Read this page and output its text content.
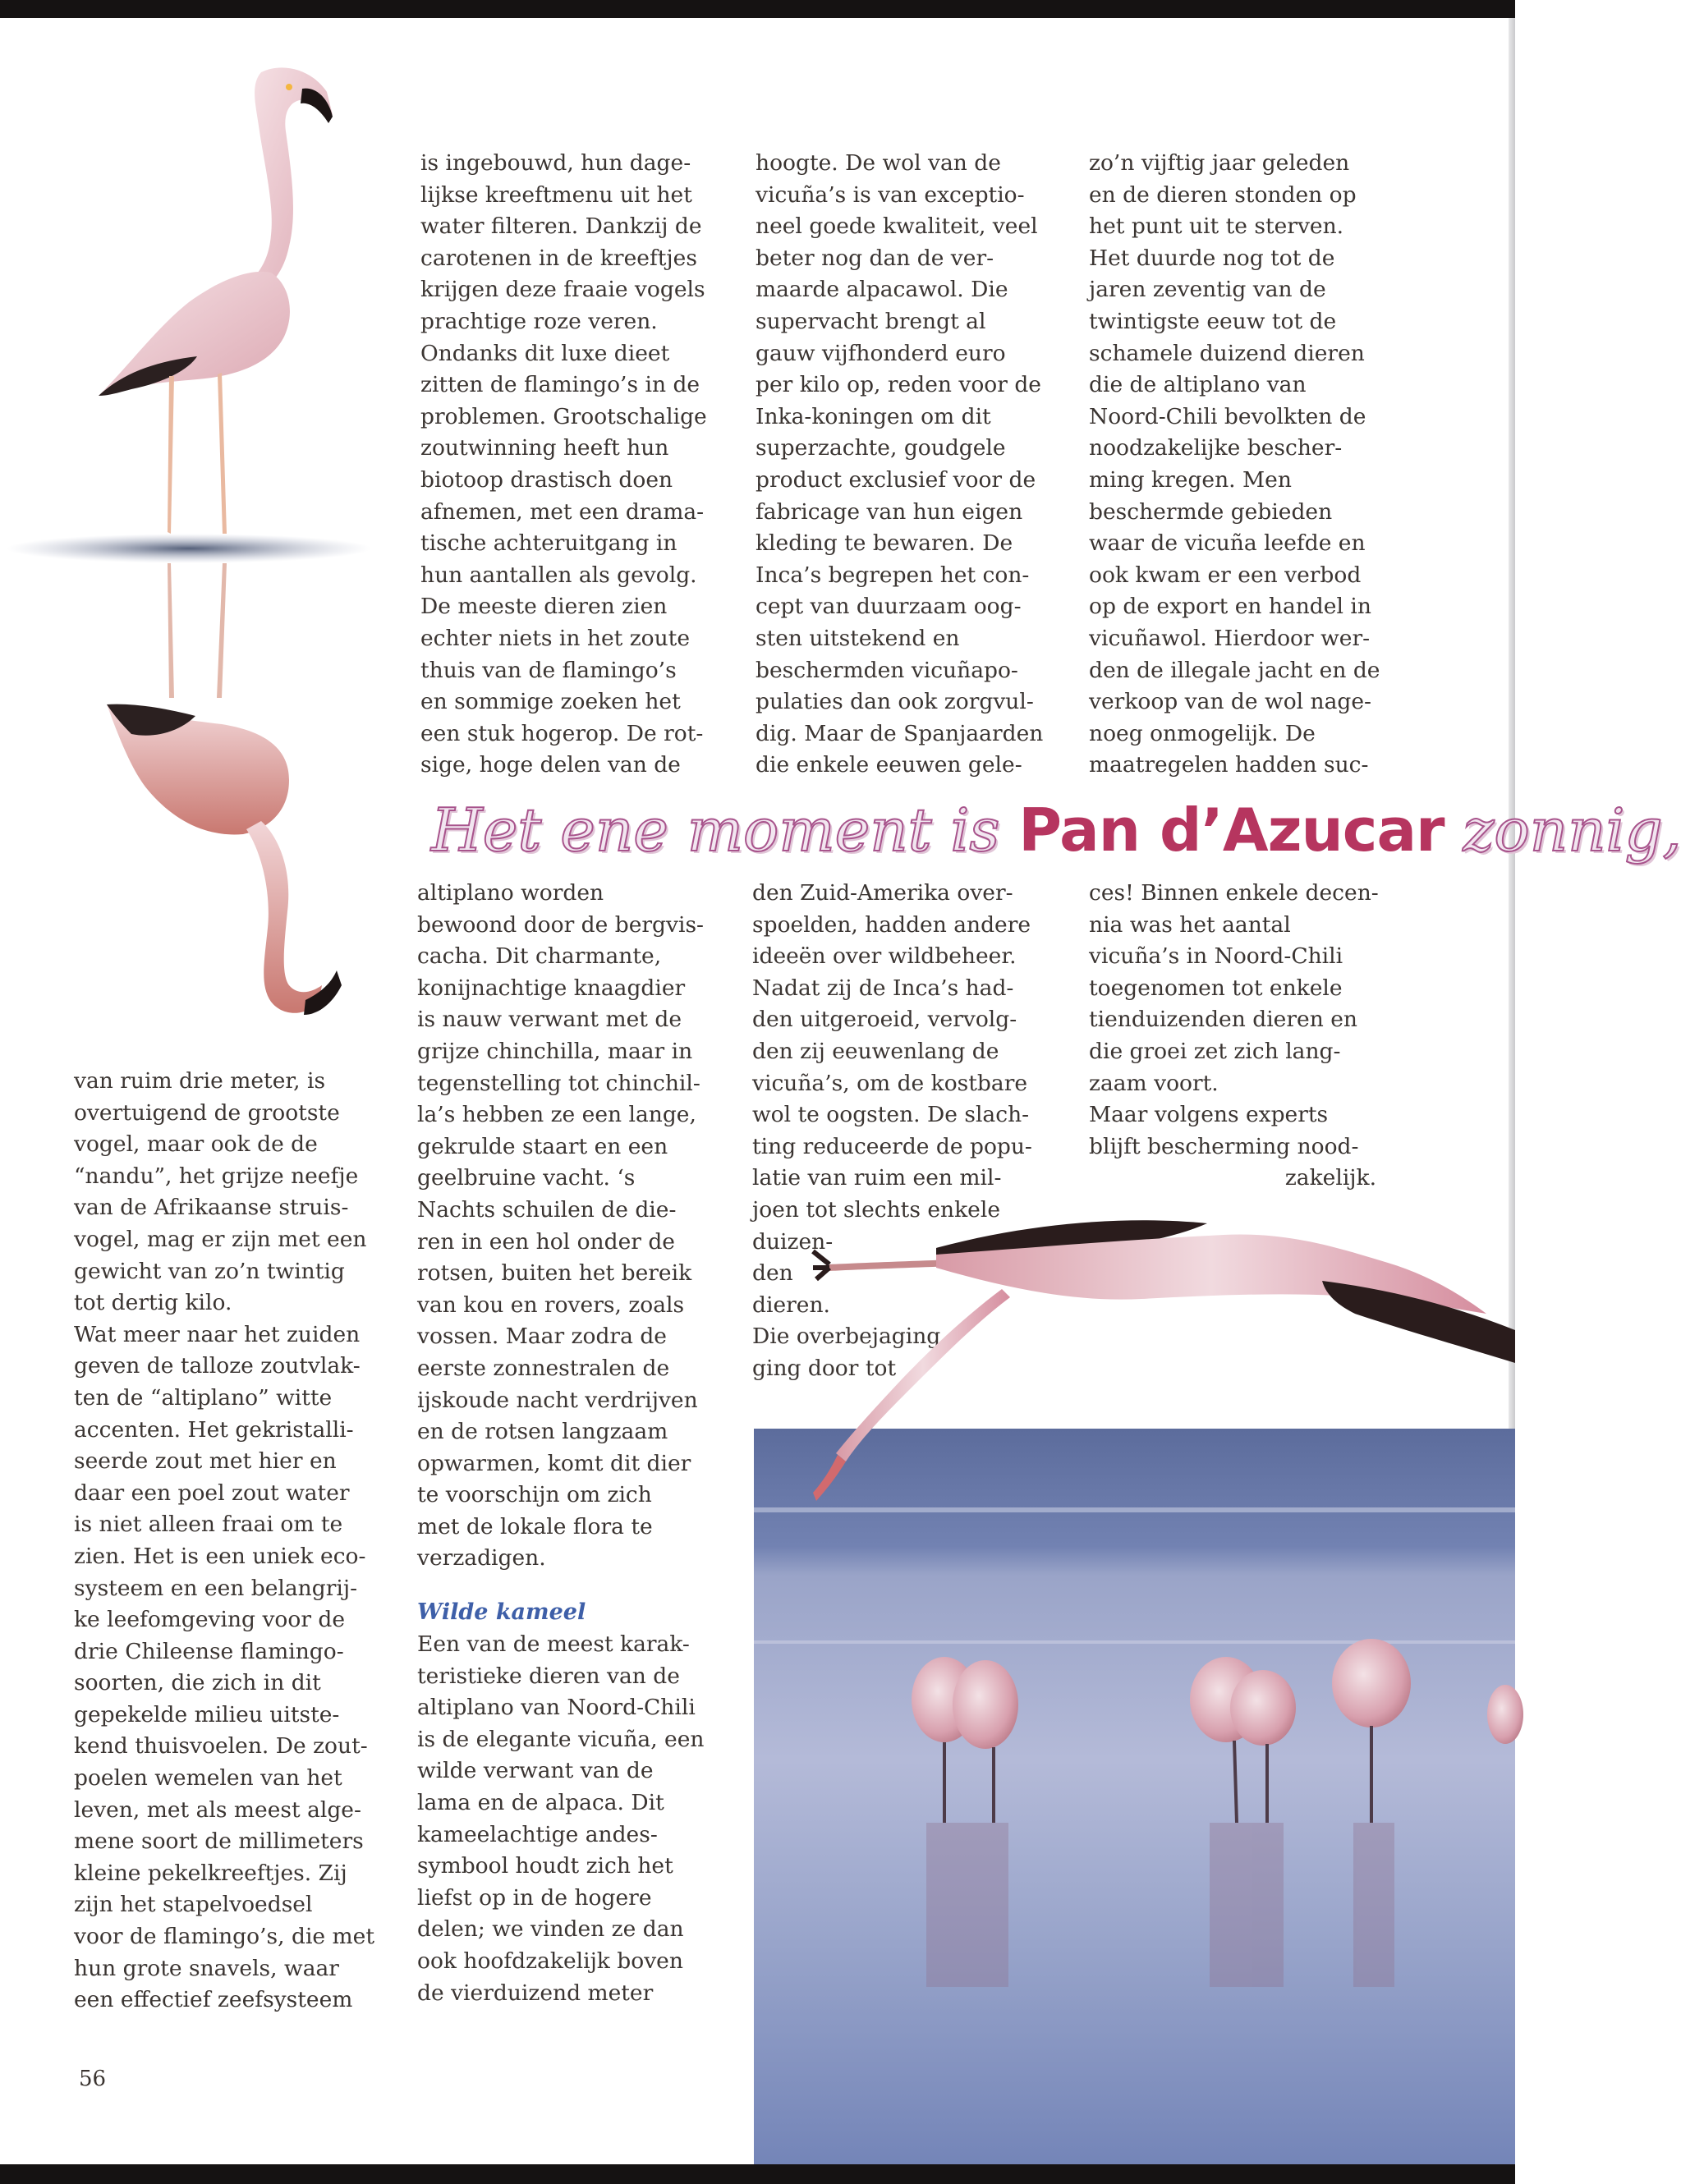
is ingebouwd, hun dage-
lijkse kreeftmenu uit het
water filteren. Dankzij de
carotenen in de kreeftjes
krijgen deze fraaie vogels
prachtige roze veren.
Ondanks dit luxe dieet
zitten de flamingo’s in de
problemen. Grootschalige
zoutwinning heeft hun
biotoop drastisch doen
afnemen, met een drama-
tische achteruitgang in
hun aantallen als gevolg.
De meeste dieren zien
echter niets in het zoute
thuis van de flamingo’s
en sommige zoeken het
een stuk hogerop. De rot-
sige, hoge delen van de

hoogte. De wol van de
vicuña’s is van exceptio-
neel goede kwaliteit, veel
beter nog dan de ver-
maarde alpacawol. Die
supervacht brengt al
gauw vijfhonderd euro
per kilo op, reden voor de
Inka-koningen om dit
superzachte, goudgele
product exclusief voor de
fabricage van hun eigen
kleding te bewaren. De
Inca’s begrepen het con-
cept van duurzaam oog-
sten uitstekend en
beschermden vicuñapo-
pulaties dan ook zorgvul-
dig. Maar de Spanjaarden
die enkele eeuwen gele-

zo’n vijftig jaar geleden
en de dieren stonden op
het punt uit te sterven.
Het duurde nog tot de
jaren zeventig van de
twintigste eeuw tot de
schamele duizend dieren
die de altiplano van
Noord-Chili bevolkten de
noodzakelijke bescher-
ming kregen. Men
beschermde gebieden
waar de vicuña leefde en
ook kwam er een verbod
op de export en handel in
vicuñawol. Hierdoor wer-
den de illegale jacht en de
verkoop van de wol nage-
noeg onmogelijk. De
maatregelen hadden suc-

Het ene moment is Pan d’Azucar zonnig,

van ruim drie meter, is
overtuigend de grootste
vogel, maar ook de de
“nandu”, het grijze neefje
van de Afrikaanse struis-
vogel, mag er zijn met een
gewicht van zo’n twintig
tot dertig kilo.
Wat meer naar het zuiden
geven de talloze zoutvlak-
ten de “altiplano” witte
accenten. Het gekristalli-
seerde zout met hier en
daar een poel zout water
is niet alleen fraai om te
zien. Het is een uniek eco-
systeem en een belangrij-
ke leefomgeving voor de
drie Chileense flamingo-
soorten, die zich in dit
gepekelde milieu uitste-
kend thuisvoelen. De zout-
poelen wemelen van het
leven, met als meest alge-
mene soort de millimeters
kleine pekelkreeftjes. Zij
zijn het stapelvoedsel
voor de flamingo’s, die met
hun grote snavels, waar
een effectief zeefsysteem

altiplano worden
bewoond door de bergvis-
cacha. Dit charmante,
konijnachtige knaagdier
is nauw verwant met de
grijze chinchilla, maar in
tegenstelling tot chinchil-
la’s hebben ze een lange,
gekrulde staart en een
geelbruine vacht. ‘s
Nachts schuilen de die-
ren in een hol onder de
rotsen, buiten het bereik
van kou en rovers, zoals
vossen. Maar zodra de
eerste zonnestralen de
ijskoude nacht verdrijven
en de rotsen langzaam
opwarmen, komt dit dier
te voorschijn om zich
met de lokale flora te
verzadigen.

Wilde kameel

Een van de meest karak-
teristieke dieren van de
altiplano van Noord-Chili
is de elegante vicuña, een
wilde verwant van de
lama en de alpaca. Dit
kameelachtige andes-
symbool houdt zich het
liefst op in de hogere
delen; we vinden ze dan
ook hoofdzakelijk boven
de vierduizend meter

den Zuid-Amerika over-
spoelden, hadden andere
ideeën over wildbeheer.
Nadat zij de Inca’s had-
den uitgeroeid, vervolg-
den zij eeuwenlang de
vicuña’s, om de kostbare
wol te oogsten. De slach-
ting reduceerde de popu-
latie van ruim een mil-
joen tot slechts enkele
duizen-
den
dieren.
Die overbejaging
ging door tot

ces! Binnen enkele decen-
nia was het aantal
vicuña’s in Noord-Chili
toegenomen tot enkele
tienduizenden dieren en
die groei zet zich lang-
zaam voort.
Maar volgens experts
blijft bescherming nood-
zakelijk.

56
